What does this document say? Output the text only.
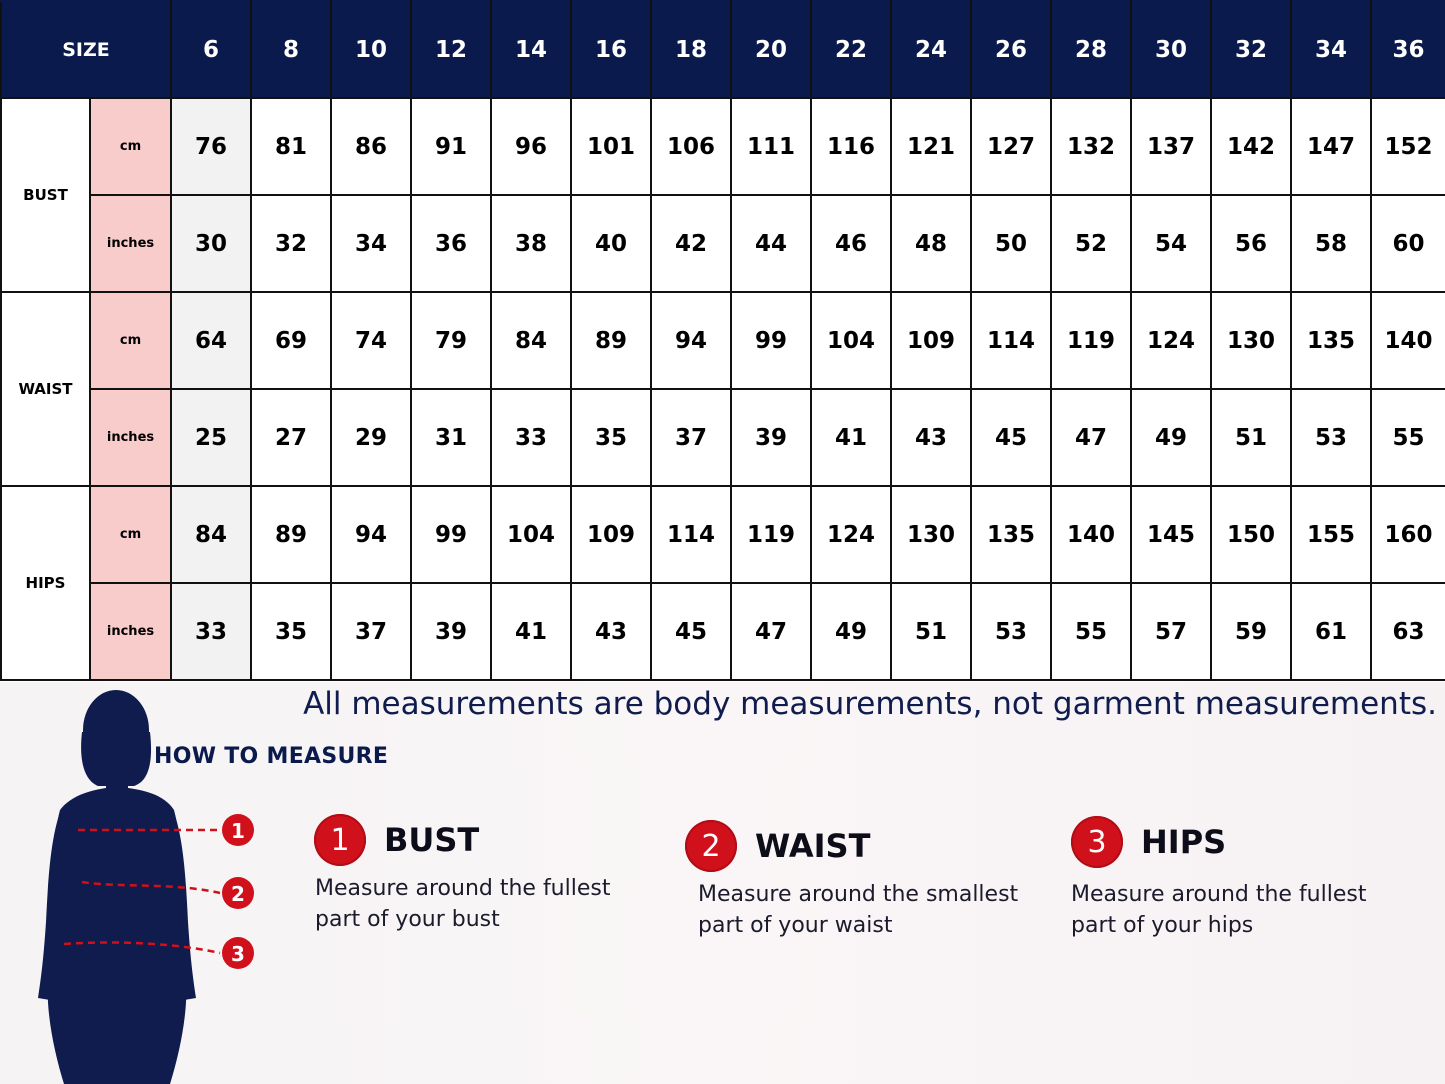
SIZE		6	8	10	12	14	16	18	20	22	24	26	28	30	32	34	36
BUST	cm	76	81	86	91	96	101	106	111	116	121	127	132	137	142	147	152
	inches	30	32	34	36	38	40	42	44	46	48	50	52	54	56	58	60
WAIST	cm	64	69	74	79	84	89	94	99	104	109	114	119	124	130	135	140
	inches	25	27	29	31	33	35	37	39	41	43	45	47	49	51	53	55
HIPS	cm	84	89	94	99	104	109	114	119	124	130	135	140	145	150	155	160
	inches	33	35	37	39	41	43	45	47	49	51	53	55	57	59	61	63
All measurements are body measurements, not garment measurements.
1
2
3
HOW TO MEASURE
1	BUST
Measure around the fullest
part of your bust
2	WAIST
Measure around the smallest
part of your waist
3	HIPS
Measure around the fullest
part of your hips
